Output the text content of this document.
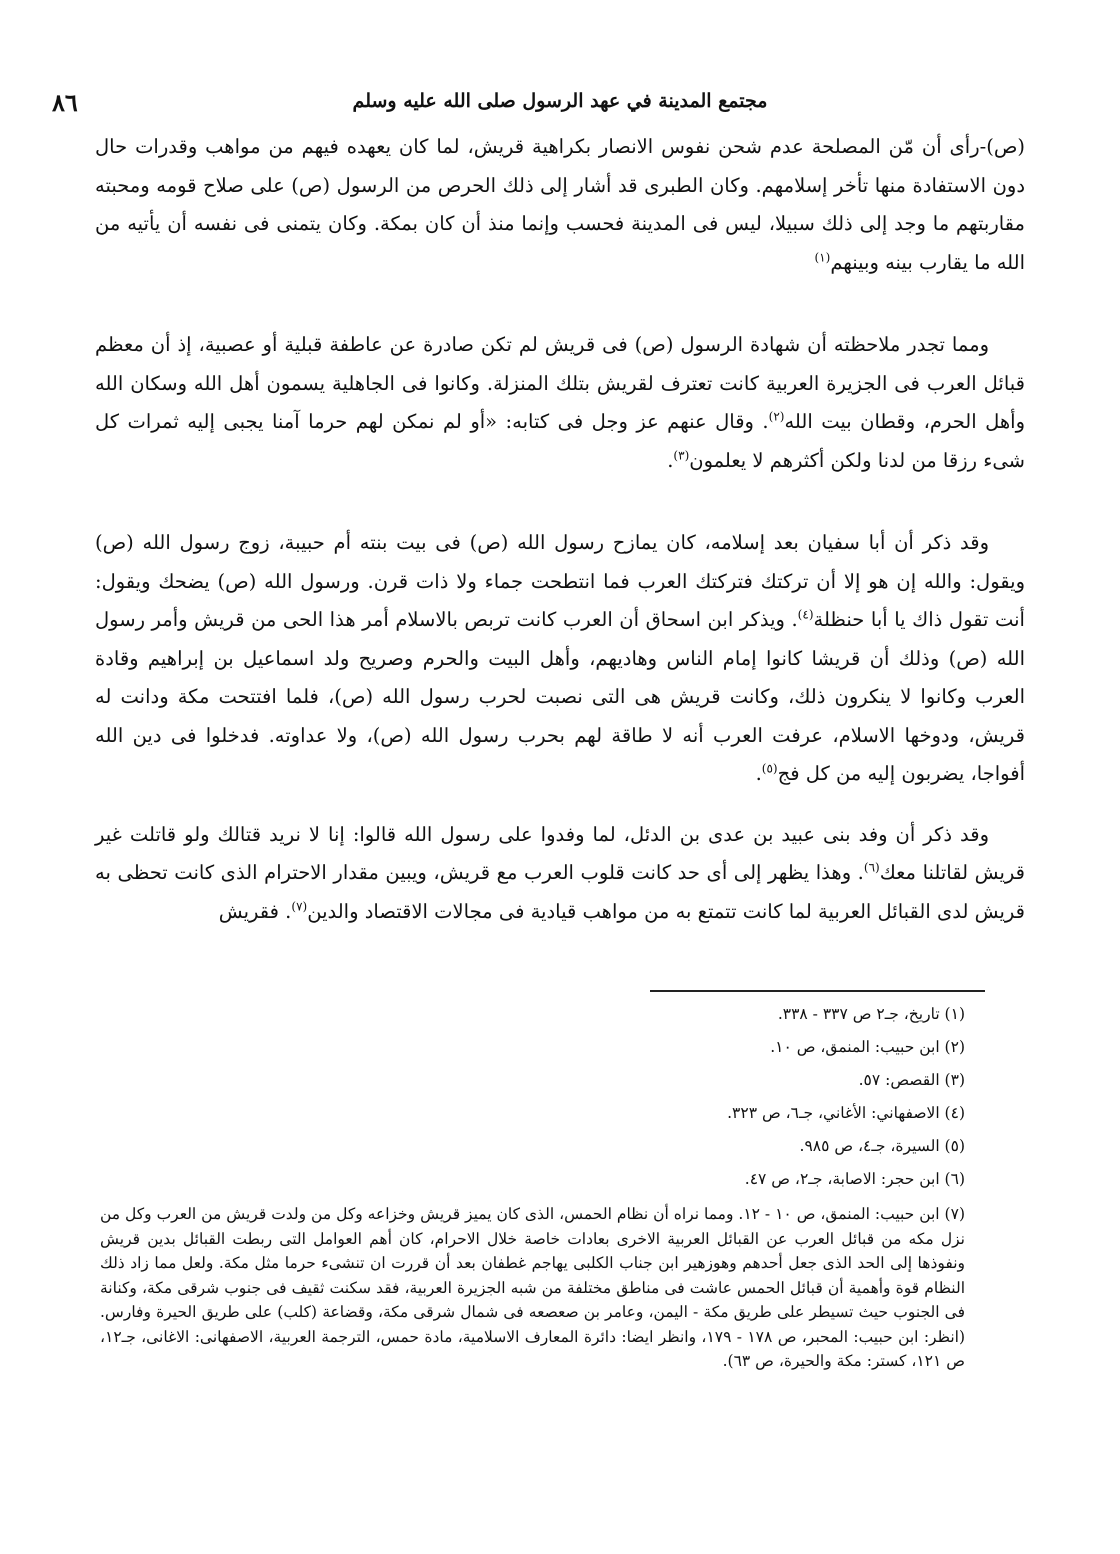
مجتمع المدينة في عهد الرسول صلى الله عليه وسلم
٨٦

(ص)-رأى أن مّن المصلحة عدم شحن نفوس الانصار بكراهية قريش، لما كان يعهده فيهم من مواهب وقدرات حال دون الاستفادة منها تأخر إسلامهم. وكان الطبرى قد أشار إلى ذلك الحرص من الرسول (ص) على صلاح قومه ومحبته مقاربتهم ما وجد إلى ذلك سبيلا، ليس فى المدينة فحسب وإنما منذ أن كان بمكة. وكان يتمنى فى نفسه أن يأتيه من الله ما يقارب بينه وبينهم$^{(١)}$

ومما تجدر ملاحظته أن شهادة الرسول (ص) فى قريش لم تكن صادرة عن عاطفة قبلية أو عصبية، إذ أن معظم قبائل العرب فى الجزيرة العربية كانت تعترف لقريش بتلك المنزلة. وكانوا فى الجاهلية يسمون أهل الله وسكان الله وأهل الحرم، وقطان بيت الله$^{(٢)}$. وقال عنهم عز وجل فى كتابه: «أو لم نمكن لهم حرما آمنا يجبى إليه ثمرات كل شىء رزقا من لدنا ولكن أكثرهم لا يعلمون$^{(٣)}$.

وقد ذكر أن أبا سفيان بعد إسلامه، كان يمازح رسول الله (ص) فى بيت بنته أم حبيبة، زوج رسول الله (ص) ويقول: والله إن هو إلا أن تركتك فتركتك العرب فما انتطحت جماء ولا ذات قرن. ورسول الله (ص) يضحك ويقول: أنت تقول ذاك يا أبا حنظلة$^{(٤)}$. ويذكر ابن اسحاق أن العرب كانت تربص بالاسلام أمر هذا الحى من قريش وأمر رسول الله (ص) وذلك أن قريشا كانوا إمام الناس وهاديهم، وأهل البيت والحرم وصريح ولد اسماعيل بن إبراهيم وقادة العرب وكانوا لا ينكرون ذلك، وكانت قريش هى التى نصبت لحرب رسول الله (ص)، فلما افتتحت مكة ودانت له قريش، ودوخها الاسلام، عرفت العرب أنه لا طاقة لهم بحرب رسول الله (ص)، ولا عداوته. فدخلوا فى دين الله أفواجا، يضربون إليه من كل فج$^{(٥)}$.

وقد ذكر أن وفد بنى عبيد بن عدى بن الدئل، لما وفدوا على رسول الله قالوا: إنا لا نريد قتالك ولو قاتلت غير قريش لقاتلنا معك$^{(٦)}$. وهذا يظهر إلى أى حد كانت قلوب العرب مع قريش، ويبين مقدار الاحترام الذى كانت تحظى به قريش لدى القبائل العربية لما كانت تتمتع به من مواهب قيادية فى مجالات الاقتصاد والدين$^{(٧)}$. فقريش

(١) تاريخ، جـ٢ ص ٣٣٧ - ٣٣٨.

(٢) ابن حبيب: المنمق، ص ١٠.

(٣) القصص: ٥٧.

(٤) الاصفهاني: الأغاني، جـ٦، ص ٣٢٣.

(٥) السيرة، جـ٤، ص ٩٨٥.

(٦) ابن حجر: الاصابة، جـ٢، ص ٤٧.

(٧) ابن حبيب: المنمق، ص ١٠ - ١٢. ومما نراه أن نظام الحمس، الذى كان يميز قريش وخزاعه وكل من ولدت قريش من العرب وكل من نزل مكه من قبائل العرب عن القبائل العربية الاخرى بعادات خاصة خلال الاحرام، كان أهم العوامل التى ربطت القبائل بدين قريش ونفوذها إلى الحد الذى جعل أحدهم وهوزهير ابن جناب الكلبى يهاجم غطفان بعد أن قررت ان تنشىء حرما مثل مكة. ولعل مما زاد ذلك النظام قوة وأهمية أن قبائل الحمس عاشت فى مناطق مختلفة من شبه الجزيرة العربية، فقد سكنت ثقيف فى جنوب شرقى مكة، وكنانة فى الجنوب حيث تسيطر على طريق مكة - اليمن، وعامر بن صعصعه فى شمال شرقى مكة، وقضاعة (كلب) على طريق الحيرة وفارس. (انظر: ابن حبيب: المحبر، ص ١٧٨ - ١٧٩، وانظر ايضا: دائرة المعارف الاسلامية، مادة حمس، الترجمة العربية، الاصفهانى: الاغانى، جـ١٢، ص ١٢١، كستر: مكة والحيرة، ص ٦٣).
